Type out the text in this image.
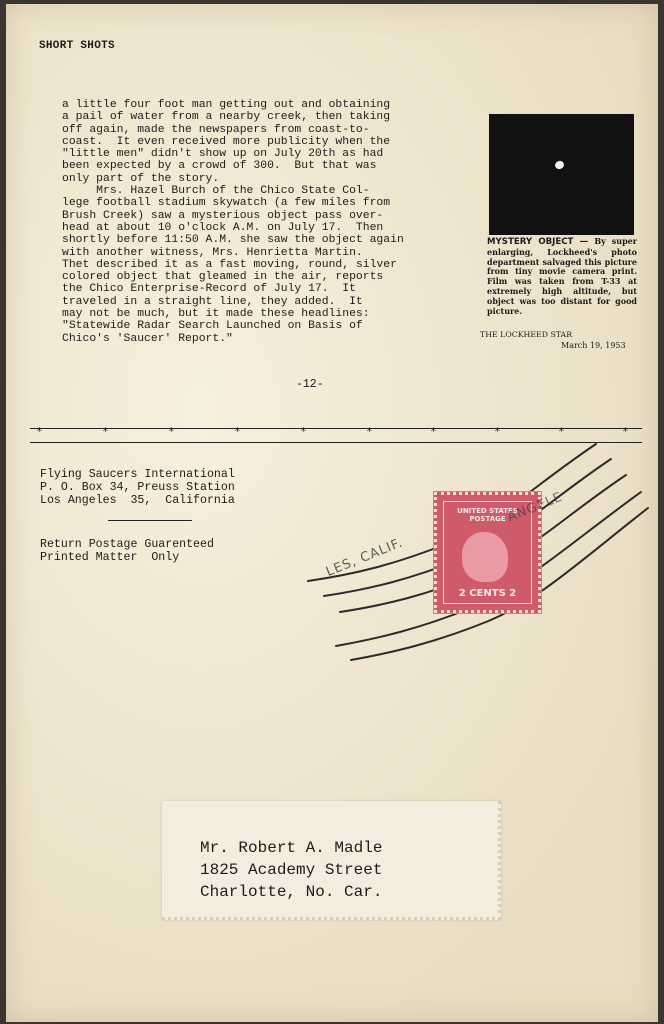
SHORT SHOTS
a little four foot man getting out and obtaining
a pail of water from a nearby creek, then taking
off again, made the newspapers from coast-to-
coast.  It even received more publicity when the
"little men" didn't show up on July 20th as had
been expected by a crowd of 300.  But that was
only part of the story.
Mrs. Hazel Burch of the Chico State Col-
lege football stadium skywatch (a few miles from
Brush Creek) saw a mysterious object pass over-
head at about 10 o'clock A.M. on July 17.  Then
shortly before 11:50 A.M. she saw the object again
with another witness, Mrs. Henrietta Martin.
Thet described it as a fast moving, round, silver
colored object that gleamed in the air, reports
the Chico Enterprise-Record of July 17.  It
traveled in a straight line, they added.  It
may not be much, but it made these headlines:
"Statewide Radar Search Launched on Basis of
Chico's 'Saucer' Report."
-12-
MYSTERY OBJECT — By super enlarging, Lockheed's photo department salvaged this picture from tiny movie camera print. Film was taken from T-33 at extremely high altitude, but object was too distant for good picture.
THE LOCKHEED STAR
March 19, 1953
*	*	*	*	*	*	*	*	*	*
Flying Saucers International
P. O. Box 34, Preuss Station
Los Angeles  35,  California
Return Postage Guarenteed
Printed Matter  Only
UNITED STATES POSTAGE
2 CENTS 2
LES, CALIF.
ANGELE
Mr. Robert A. Madle
1825 Academy Street
Charlotte, No. Car.
